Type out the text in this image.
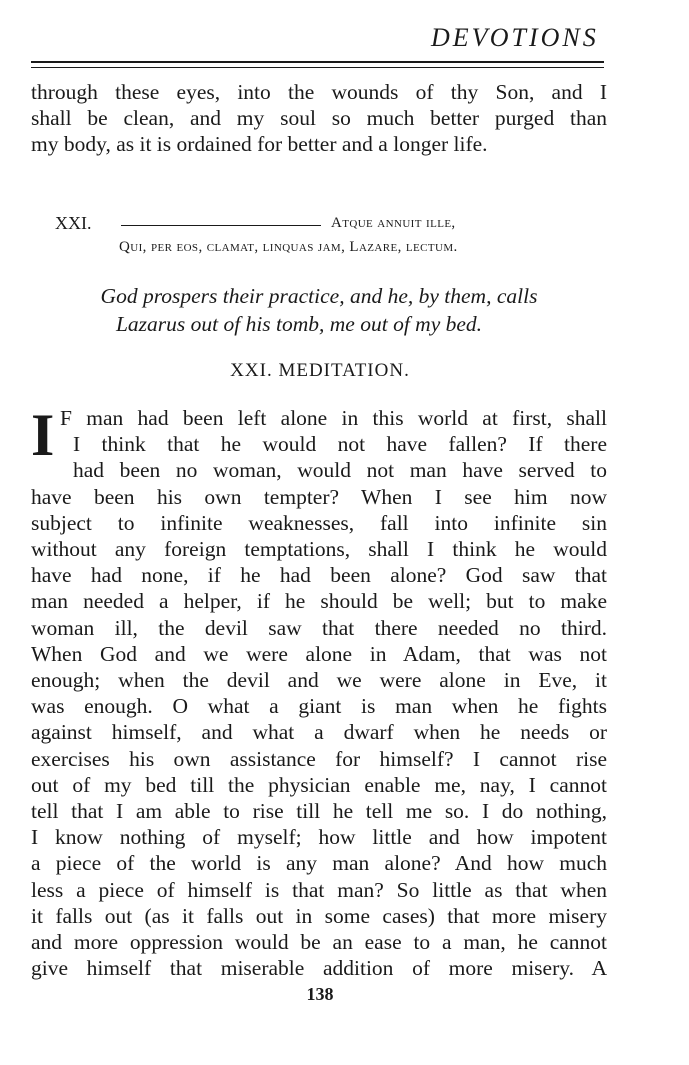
DEVOTIONS
through these eyes, into the wounds of thy Son, and I
shall be clean, and my soul so much better purged than
my body, as it is ordained for better and a longer life.
XXI.	Atque annuit ille,
Qui, per eos, clamat, linquas jam, Lazare, lectum.
God prospers their practice, and he, by them, calls
Lazarus out of his tomb, me out of my bed.
XXI. MEDITATION.
I F man had been left alone in this world at first, shall
I think that he would not have fallen? If there
had been no woman, would not man have served to
have been his own tempter? When I see him now
subject to infinite weaknesses, fall into infinite sin
without any foreign temptations, shall I think he would
have had none, if he had been alone? God saw that
man needed a helper, if he should be well; but to make
woman ill, the devil saw that there needed no third.
When God and we were alone in Adam, that was not
enough; when the devil and we were alone in Eve, it
was enough. O what a giant is man when he fights
against himself, and what a dwarf when he needs or
exercises his own assistance for himself? I cannot rise
out of my bed till the physician enable me, nay, I cannot
tell that I am able to rise till he tell me so. I do nothing,
I know nothing of myself; how little and how impotent
a piece of the world is any man alone? And how much
less a piece of himself is that man? So little as that when
it falls out (as it falls out in some cases) that more misery
and more oppression would be an ease to a man, he cannot
give himself that miserable addition of more misery. A
138
